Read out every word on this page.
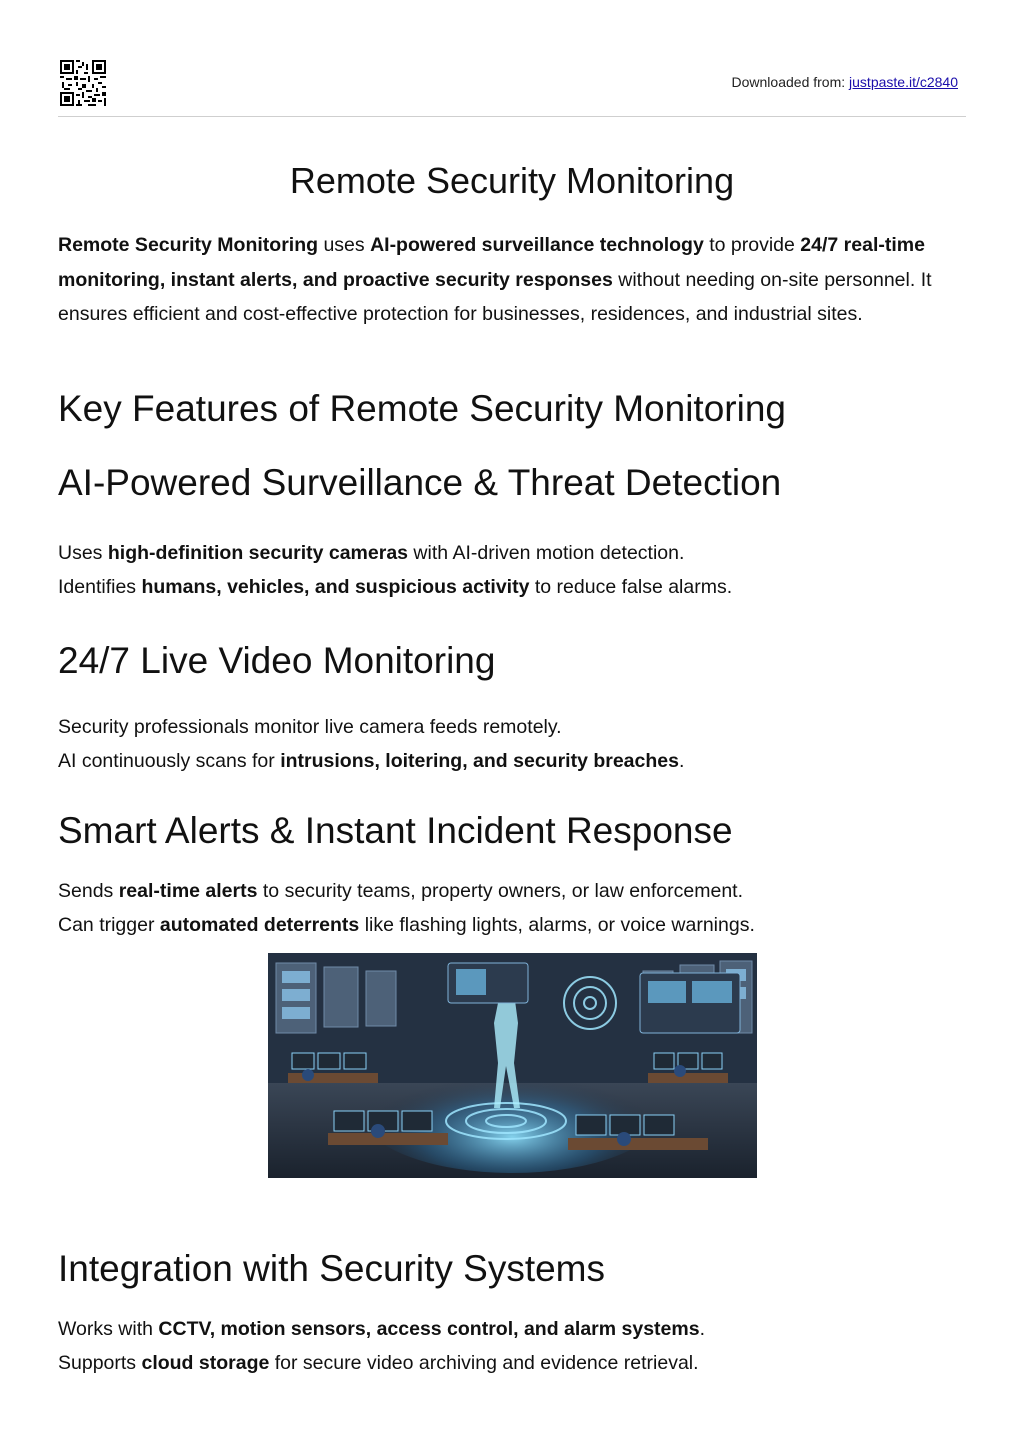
Downloaded from: justpaste.it/c2840
Remote Security Monitoring

Remote Security Monitoring uses AI-powered surveillance technology to provide 24/7 real-time monitoring, instant alerts, and proactive security responses without needing on-site personnel. It ensures efficient and cost-effective protection for businesses, residences, and industrial sites.

Key Features of Remote Security Monitoring
AI-Powered Surveillance & Threat Detection

Uses high-definition security cameras with AI-driven motion detection.

Identifies humans, vehicles, and suspicious activity to reduce false alarms.

24/7 Live Video Monitoring

Security professionals monitor live camera feeds remotely.

AI continuously scans for intrusions, loitering, and security breaches.

Smart Alerts & Instant Incident Response

Sends real-time alerts to security teams, property owners, or law enforcement.

Can trigger automated deterrents like flashing lights, alarms, or voice warnings.

Integration with Security Systems

Works with CCTV, motion sensors, access control, and alarm systems.

Supports cloud storage for secure video archiving and evidence retrieval.
